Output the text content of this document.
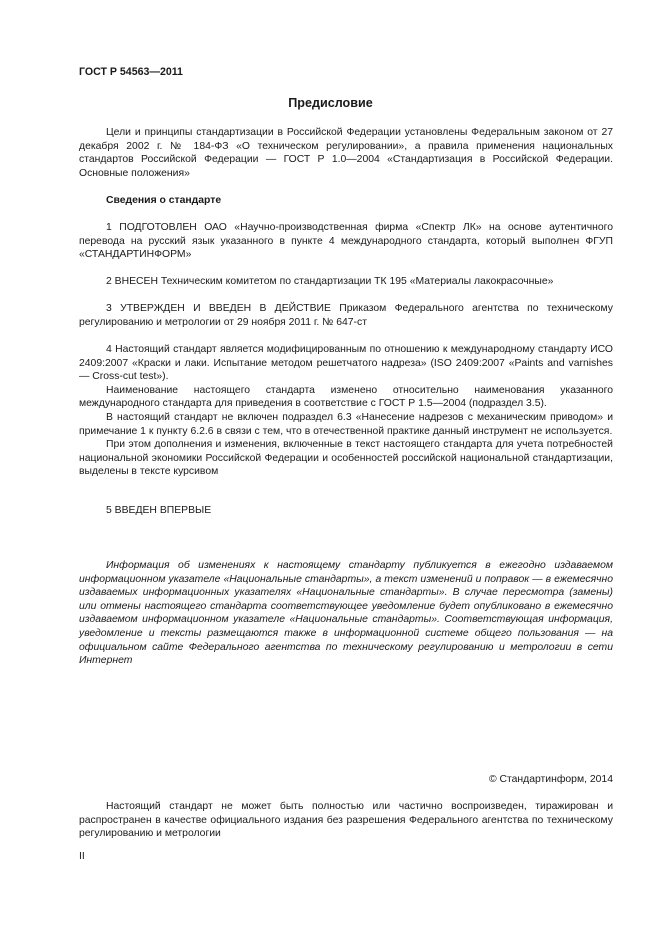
ГОСТ Р 54563—2011
Предисловие

Цели и принципы стандартизации в Российской Федерации установлены Федеральным законом от 27 декабря 2002 г. № 184-ФЗ «О техническом регулировании», а правила применения национальных стандартов Российской Федерации — ГОСТ Р 1.0—2004 «Стандартизация в Российской Федерации. Основные положения»

Сведения о стандарте

1 ПОДГОТОВЛЕН ОАО «Научно-производственная фирма «Спектр ЛК» на основе аутентичного перевода на русский язык указанного в пункте 4 международного стандарта, который выполнен ФГУП «СТАНДАРТИНФОРМ»

2 ВНЕСЕН Техническим комитетом по стандартизации ТК 195 «Материалы лакокрасочные»

3 УТВЕРЖДЕН И ВВЕДЕН В ДЕЙСТВИЕ Приказом Федерального агентства по техническому регулированию и метрологии от 29 ноября 2011 г. № 647-ст

4 Настоящий стандарт является модифицированным по отношению к международному стандарту ИСО 2409:2007 «Краски и лаки. Испытание методом решетчатого надреза» (ISO 2409:2007 «Paints and varnishes — Cross-cut test»).

Наименование настоящего стандарта изменено относительно наименования указанного международного стандарта для приведения в соответствие с ГОСТ Р 1.5—2004 (подраздел 3.5).

В настоящий стандарт не включен подраздел 6.3 «Нанесение надрезов с механическим приводом» и примечание 1 к пункту 6.2.6 в связи с тем, что в отечественной практике данный инструмент не используется.

При этом дополнения и изменения, включенные в текст настоящего стандарта для учета потребностей национальной экономики Российской Федерации и особенностей российской национальной стандартизации, выделены в тексте курсивом

5 ВВЕДЕН ВПЕРВЫЕ

Информация об изменениях к настоящему стандарту публикуется в ежегодно издаваемом информационном указателе «Национальные стандарты», а текст изменений и поправок — в ежемесячно издаваемых информационных указателях «Национальные стандарты». В случае пересмотра (замены) или отмены настоящего стандарта соответствующее уведомление будет опубликовано в ежемесячно издаваемом информационном указателе «Национальные стандарты». Соответствующая информация, уведомление и тексты размещаются также в информационной системе общего пользования — на официальном сайте Федерального агентства по техническому регулированию и метрологии в сети Интернет

© Стандартинформ, 2014

Настоящий стандарт не может быть полностью или частично воспроизведен, тиражирован и распространен в качестве официального издания без разрешения Федерального агентства по техническому регулированию и метрологии

II
